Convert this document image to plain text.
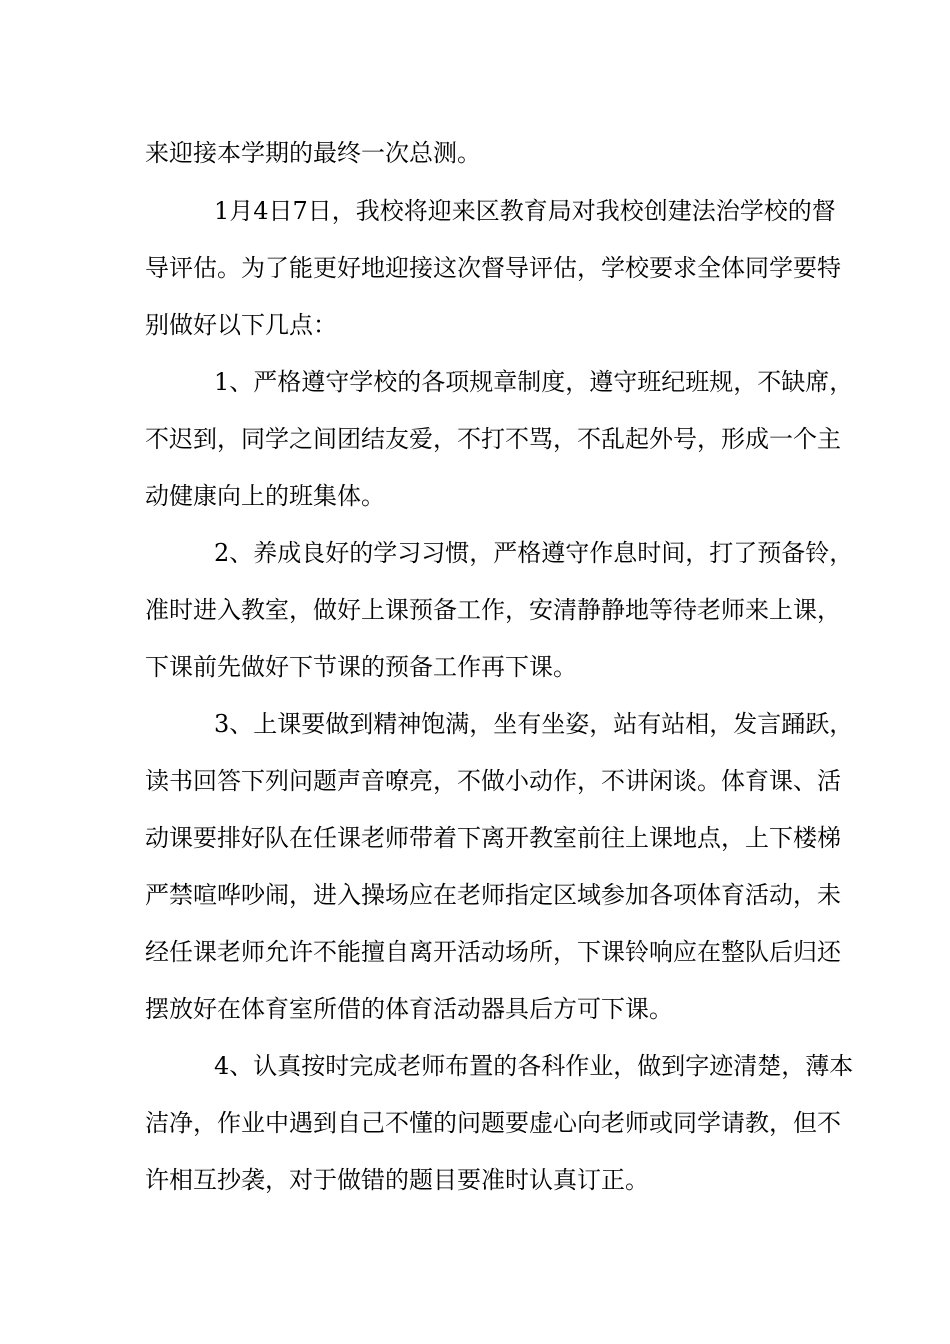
来迎接本学期的最终一次总测。

1月4日7日，我校将迎来区教育局对我校创建法治学校的督

导评估。为了能更好地迎接这次督导评估，学校要求全体同学要特

别做好以下几点：

1、严格遵守学校的各项规章制度，遵守班纪班规，不缺席，

不迟到，同学之间团结友爱，不打不骂，不乱起外号，形成一个主

动健康向上的班集体。

2、养成良好的学习习惯，严格遵守作息时间，打了预备铃，

准时进入教室，做好上课预备工作，安清静静地等待老师来上课，

下课前先做好下节课的预备工作再下课。

3、上课要做到精神饱满，坐有坐姿，站有站相，发言踊跃，

读书回答下列问题声音嘹亮，不做小动作，不讲闲谈。体育课、活

动课要排好队在任课老师带着下离开教室前往上课地点，上下楼梯

严禁喧哗吵闹，进入操场应在老师指定区域参加各项体育活动，未

经任课老师允许不能擅自离开活动场所，下课铃响应在整队后归还

摆放好在体育室所借的体育活动器具后方可下课。

4、认真按时完成老师布置的各科作业，做到字迹清楚，薄本

洁净，作业中遇到自己不懂的问题要虚心向老师或同学请教，但不

许相互抄袭，对于做错的题目要准时认真订正。
